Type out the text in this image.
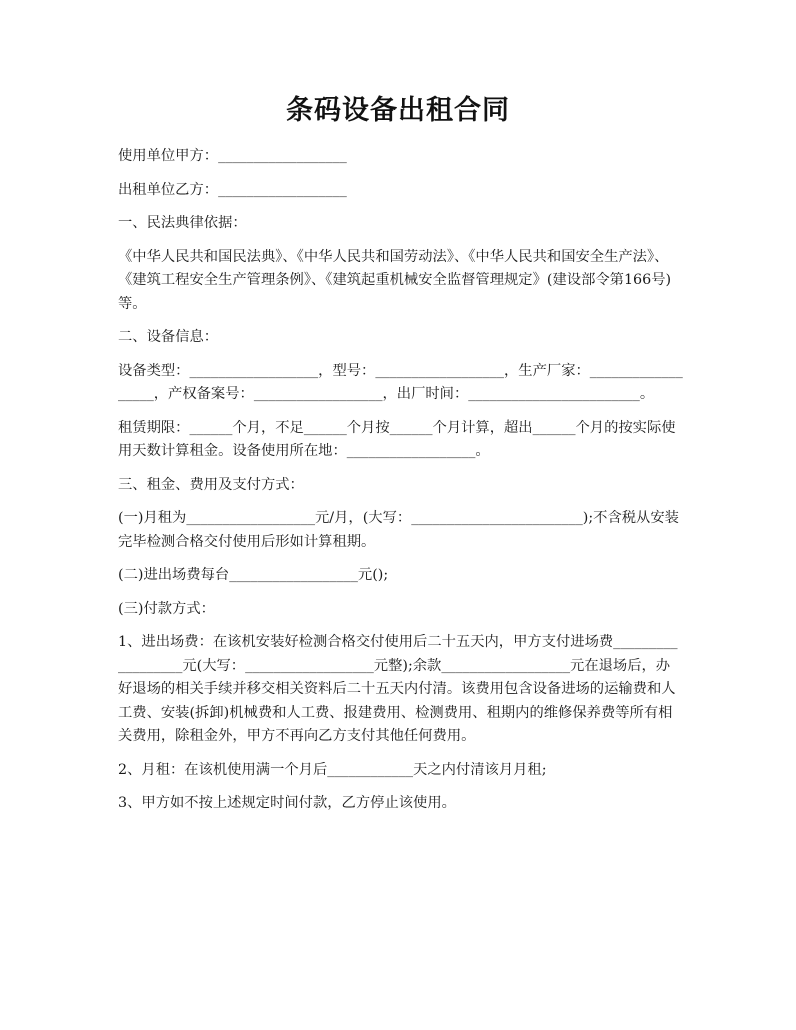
条码设备出租合同

使用单位甲方：__________________

出租单位乙方：__________________

一、民法典律依据：

《中华人民共和国民法典》、《中华人民共和国劳动法》、《中华人民共和国安全生产法》、《建筑工程安全生产管理条例》、《建筑起重机械安全监督管理规定》(建设部令第166号)等。

二、设备信息：

设备类型：__________________，型号：__________________，生产厂家：__________________，产权备案号：__________________，出厂时间：________________________。

租赁期限：______个月，不足______个月按______个月计算，超出______个月的按实际使用天数计算租金。设备使用所在地：__________________。

三、租金、费用及支付方式：

(一)月租为__________________元/月，(大写：________________________);不含税从安装完毕检测合格交付使用后形如计算租期。

(二)进出场费每台__________________元();

(三)付款方式：

1、进出场费：在该机安装好检测合格交付使用后二十五天内，甲方支付进场费__________________元(大写：__________________元整);余款__________________元在退场后，办好退场的相关手续并移交相关资料后二十五天内付清。该费用包含设备进场的运输费和人工费、安装(拆卸)机械费和人工费、报建费用、检测费用、租期内的维修保养费等所有相关费用，除租金外，甲方不再向乙方支付其他任何费用。

2、月租：在该机使用满一个月后____________天之内付清该月月租;

3、甲方如不按上述规定时间付款，乙方停止该使用。
